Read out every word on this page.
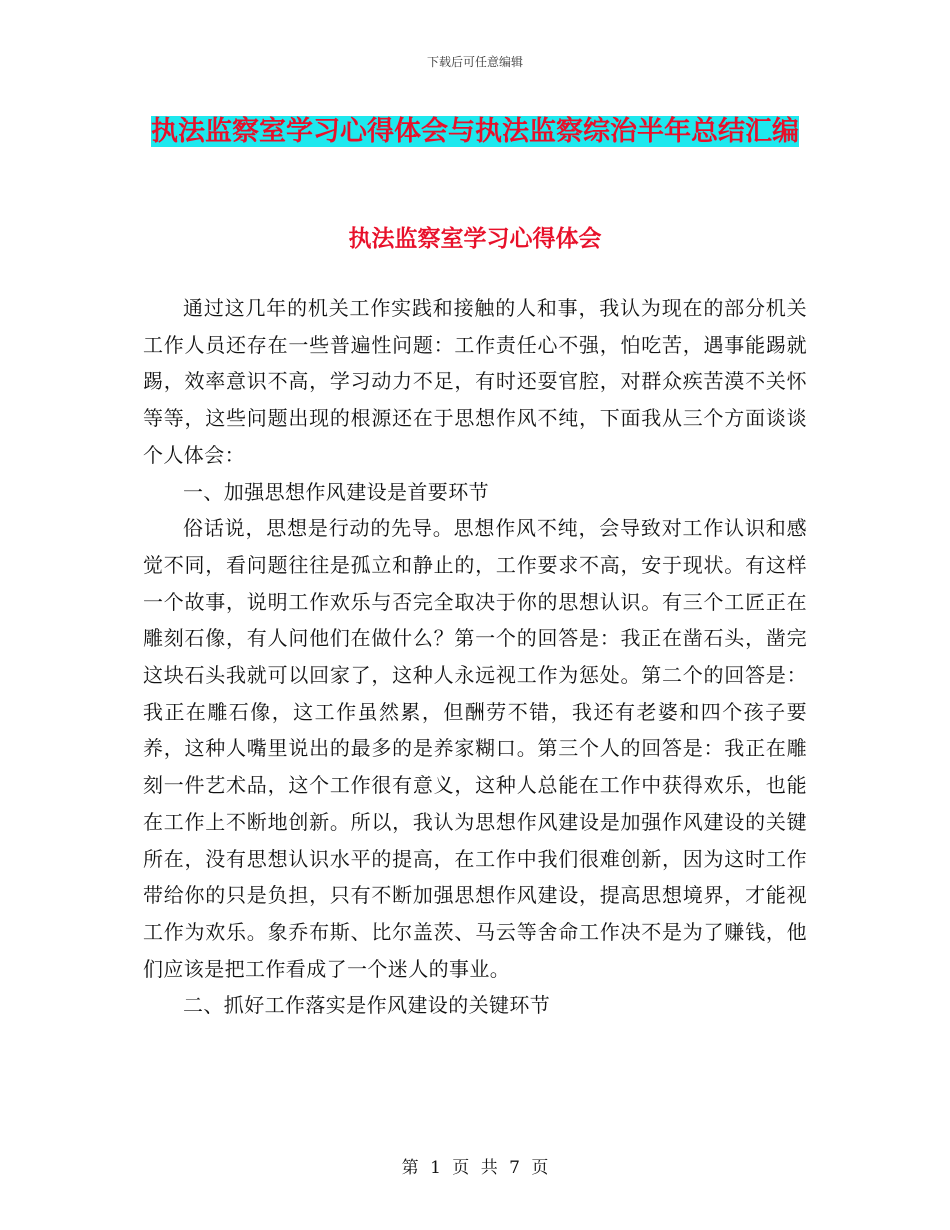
下载后可任意编辑
执法监察室学习心得体会与执法监察综治半年总结汇编
执法监察室学习心得体会

通过这几年的机关工作实践和接触的人和事，我认为现在的部分机关工作人员还存在一些普遍性问题：工作责任心不强，怕吃苦，遇事能踢就踢，效率意识不高，学习动力不足，有时还耍官腔，对群众疾苦漠不关怀等等，这些问题出现的根源还在于思想作风不纯，下面我从三个方面谈谈个人体会：

一、加强思想作风建设是首要环节

俗话说，思想是行动的先导。思想作风不纯，会导致对工作认识和感觉不同，看问题往往是孤立和静止的，工作要求不高，安于现状。有这样一个故事，说明工作欢乐与否完全取决于你的思想认识。有三个工匠正在雕刻石像，有人问他们在做什么？第一个的回答是：我正在凿石头，凿完这块石头我就可以回家了，这种人永远视工作为惩处。第二个的回答是：我正在雕石像，这工作虽然累，但酬劳不错，我还有老婆和四个孩子要养，这种人嘴里说出的最多的是养家糊口。第三个人的回答是：我正在雕刻一件艺术品，这个工作很有意义，这种人总能在工作中获得欢乐，也能在工作上不断地创新。所以，我认为思想作风建设是加强作风建设的关键所在，没有思想认识水平的提高，在工作中我们很难创新，因为这时工作带给你的只是负担，只有不断加强思想作风建设，提高思想境界，才能视工作为欢乐。象乔布斯、比尔盖茨、马云等舍命工作决不是为了赚钱，他们应该是把工作看成了一个迷人的事业。

二、抓好工作落实是作风建设的关键环节

第 1 页 共 7 页
